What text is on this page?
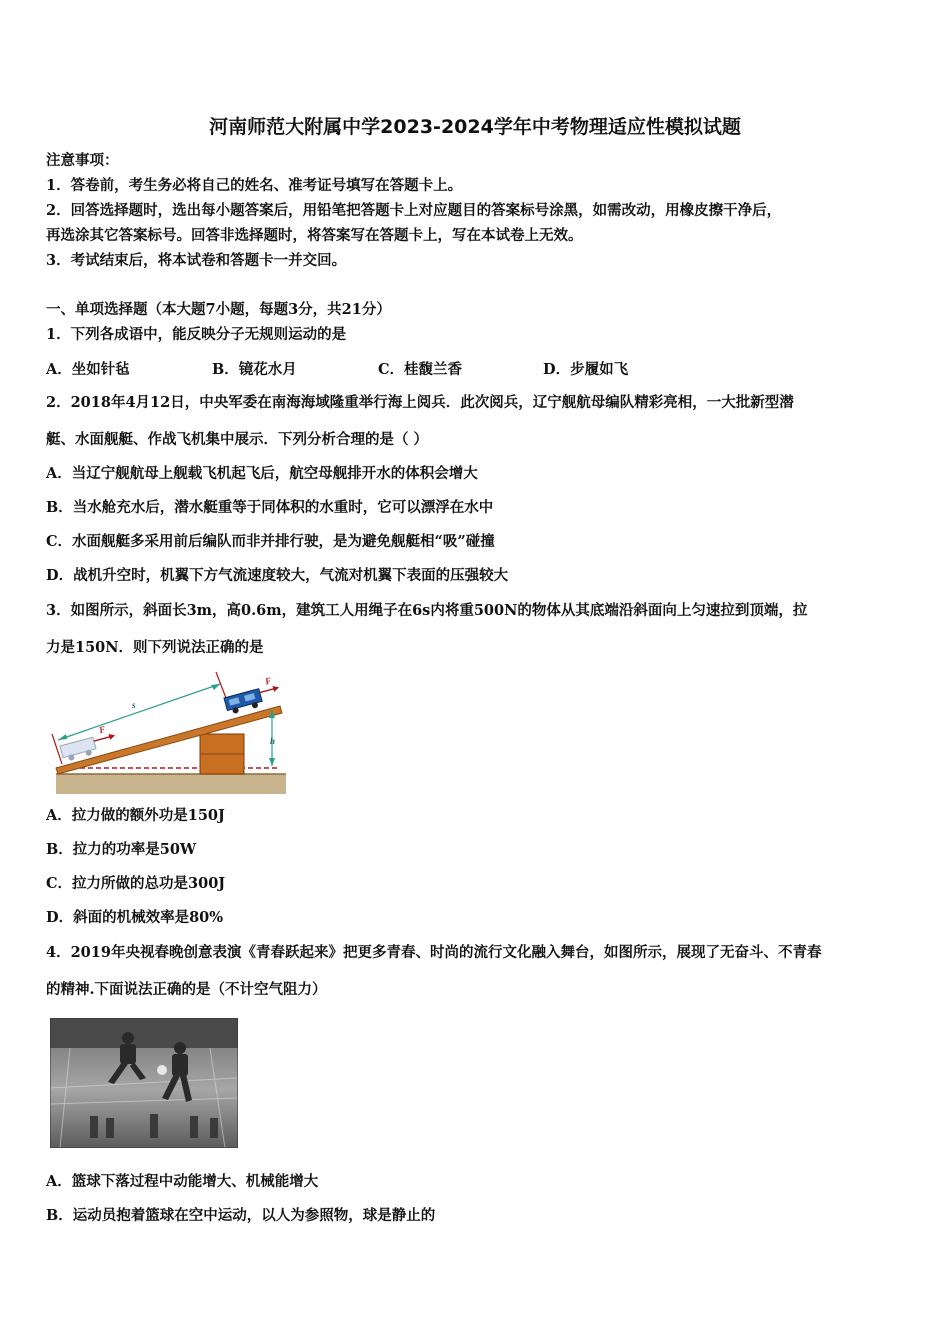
河南师范大附属中学2023-2024学年中考物理适应性模拟试题
注意事项：
1．答卷前，考生务必将自己的姓名、准考证号填写在答题卡上。
2．回答选择题时，选出每小题答案后，用铅笔把答题卡上对应题目的答案标号涂黑，如需改动，用橡皮擦干净后，
再选涂其它答案标号。回答非选择题时，将答案写在答题卡上，写在本试卷上无效。
3．考试结束后，将本试卷和答题卡一并交回。
一、单项选择题（本大题7小题，每题3分，共21分）
1．下列各成语中，能反映分子无规则运动的是
A．坐如针毡	B．镜花水月	C．桂馥兰香	D．步履如飞
2．2018年4月12日，中央军委在南海海域隆重举行海上阅兵．此次阅兵，辽宁舰航母编队精彩亮相，一大批新型潜
艇、水面舰艇、作战飞机集中展示．下列分析合理的是（ ）
A．当辽宁舰航母上舰载飞机起飞后，航空母舰排开水的体积会增大
B．当水舱充水后，潜水艇重等于同体积的水重时，它可以漂浮在水中
C．水面舰艇多采用前后编队而非并排行驶，是为避免舰艇相“吸”碰撞
D．战机升空时，机翼下方气流速度较大，气流对机翼下表面的压强较大
3．如图所示，斜面长3m，高0.6m，建筑工人用绳子在6s内将重500N的物体从其底端沿斜面向上匀速拉到顶端，拉
力是150N．则下列说法正确的是
s
h
F
F
A．拉力做的额外功是150J
B．拉力的功率是50W
C．拉力所做的总功是300J
D．斜面的机械效率是80%
4．2019年央视春晚创意表演《青春跃起来》把更多青春、时尚的流行文化融入舞台，如图所示，展现了无奋斗、不青春
的精神.下面说法正确的是（不计空气阻力）
A．篮球下落过程中动能增大、机械能增大
B．运动员抱着篮球在空中运动，以人为参照物，球是静止的
